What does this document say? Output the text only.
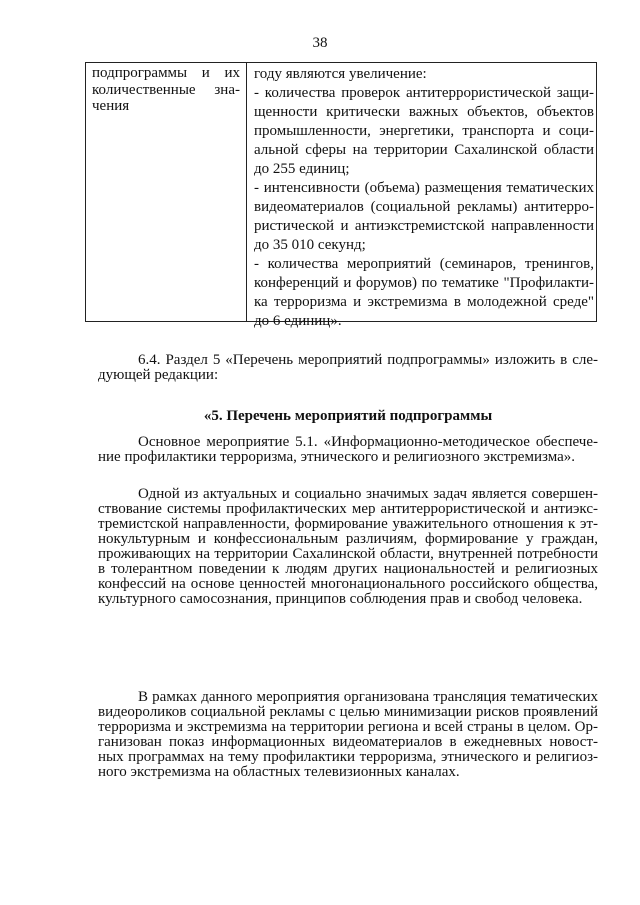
38
подпрограммы и их
количественные зна-
чения
году являются увеличение:
- количества проверок антитеррористической защи-
щенности критически важных объектов, объектов
промышленности, энергетики, транспорта и соци-
альной сферы на территории Сахалинской области
до 255 единиц;
- интенсивности (объема) размещения тематических
видеоматериалов (социальной рекламы) антитерро-
ристической и антиэкстремистской направленности
до 35 010 секунд;
- количества мероприятий (семинаров, тренингов,
конференций и форумов) по тематике "Профилакти-
ка терроризма и экстремизма в молодежной среде"
до 6 единиц».
6.4. Раздел 5 «Перечень мероприятий подпрограммы» изложить в сле-
дующей редакции:
«5. Перечень мероприятий подпрограммы
Основное мероприятие 5.1. «Информационно-методическое обеспече-
ние профилактики терроризма, этнического и религиозного экстремизма».
Одной из актуальных и социально значимых задач является совершен-
ствование системы профилактических мер антитеррористической и антиэкс-
тремистской направленности, формирование уважительного отношения к эт-
нокультурным и конфессиональным различиям, формирование у граждан,
проживающих на территории Сахалинской области, внутренней потребности
в толерантном поведении к людям других национальностей и религиозных
конфессий на основе ценностей многонационального российского общества,
культурного самосознания, принципов соблюдения прав и свобод человека.
В рамках данного мероприятия организована трансляция тематических
видеороликов социальной рекламы с целью минимизации рисков проявлений
терроризма и экстремизма на территории региона и всей страны в целом. Ор-
ганизован показ информационных видеоматериалов в ежедневных новост-
ных программах на тему профилактики терроризма, этнического и религиоз-
ного экстремизма на областных телевизионных каналах.
